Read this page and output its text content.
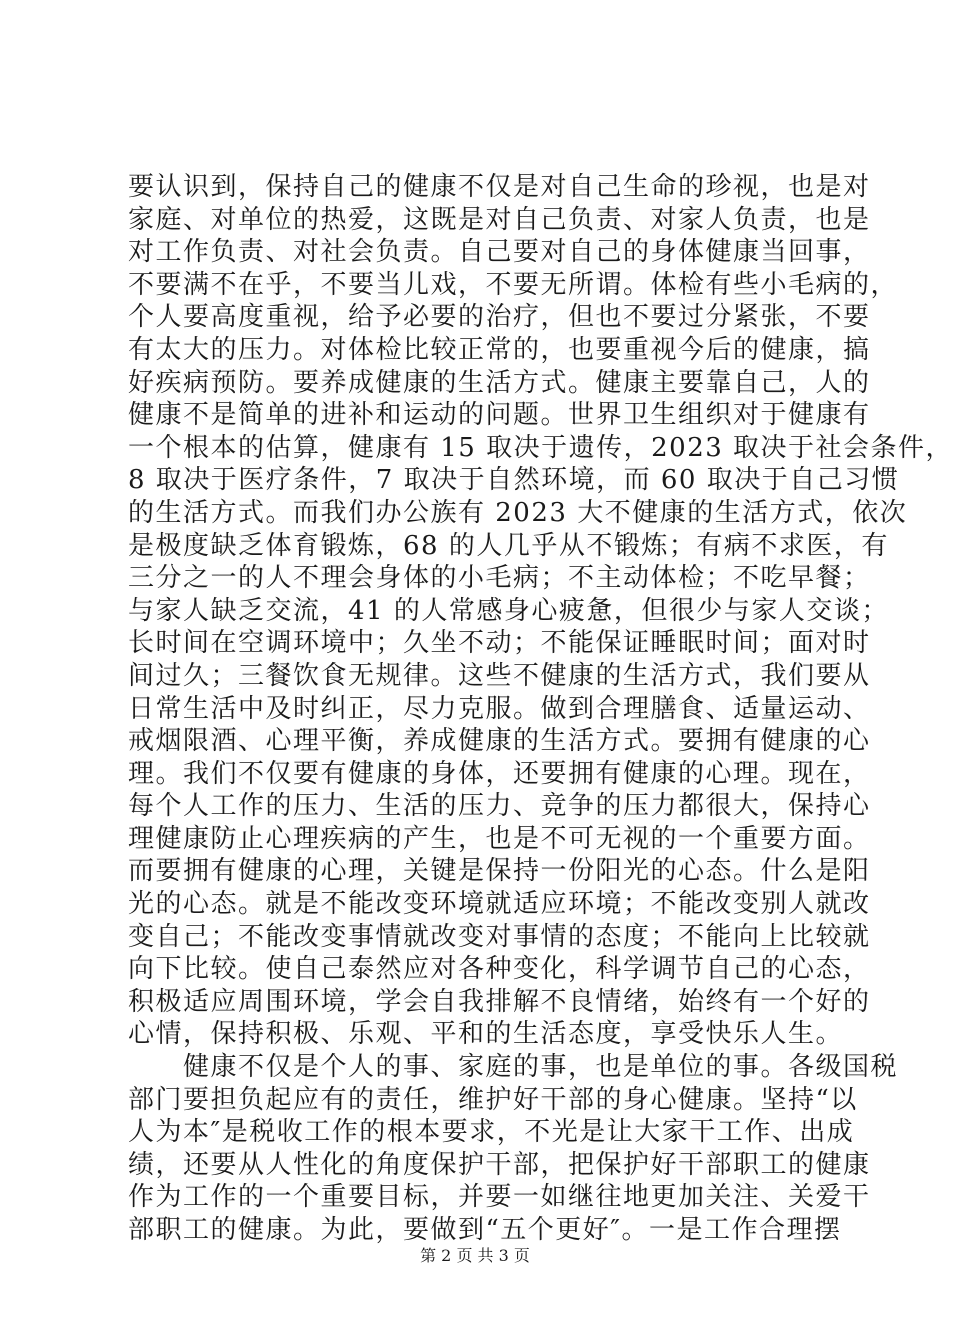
要认识到，保持自己的健康不仅是对自己生命的珍视，也是对
家庭、对单位的热爱，这既是对自己负责、对家人负责，也是
对工作负责、对社会负责。自己要对自己的身体健康当回事，
不要满不在乎，不要当儿戏，不要无所谓。体检有些小毛病的，
个人要高度重视，给予必要的治疗，但也不要过分紧张，不要
有太大的压力。对体检比较正常的，也要重视今后的健康，搞
好疾病预防。要养成健康的生活方式。健康主要靠自己，人的
健康不是简单的进补和运动的问题。世界卫生组织对于健康有
一个根本的估算，健康有 15 取决于遗传，2023 取决于社会条件，
8 取决于医疗条件，7 取决于自然环境，而 60 取决于自己习惯
的生活方式。而我们办公族有 2023 大不健康的生活方式，依次
是极度缺乏体育锻炼，68 的人几乎从不锻炼；有病不求医，有
三分之一的人不理会身体的小毛病；不主动体检；不吃早餐；
与家人缺乏交流，41 的人常感身心疲惫，但很少与家人交谈；
长时间在空调环境中；久坐不动；不能保证睡眠时间；面对时
间过久；三餐饮食无规律。这些不健康的生活方式，我们要从
日常生活中及时纠正，尽力克服。做到合理膳食、适量运动、
戒烟限酒、心理平衡，养成健康的生活方式。要拥有健康的心
理。我们不仅要有健康的身体，还要拥有健康的心理。现在，
每个人工作的压力、生活的压力、竞争的压力都很大，保持心
理健康防止心理疾病的产生，也是不可无视的一个重要方面。
而要拥有健康的心理，关键是保持一份阳光的心态。什么是阳
光的心态。就是不能改变环境就适应环境；不能改变别人就改
变自己；不能改变事情就改变对事情的态度；不能向上比较就
向下比较。使自己泰然应对各种变化，科学调节自己的心态，
积极适应周围环境，学会自我排解不良情绪，始终有一个好的
心情，保持积极、乐观、平和的生活态度，享受快乐人生。
　　健康不仅是个人的事、家庭的事，也是单位的事。各级国税
部门要担负起应有的责任，维护好干部的身心健康。坚持“以
人为本″是税收工作的根本要求，不光是让大家干工作、出成
绩，还要从人性化的角度保护干部，把保护好干部职工的健康
作为工作的一个重要目标，并要一如继往地更加关注、关爱干
部职工的健康。为此，要做到“五个更好″。一是工作合理摆
第 2 页 共 3 页
